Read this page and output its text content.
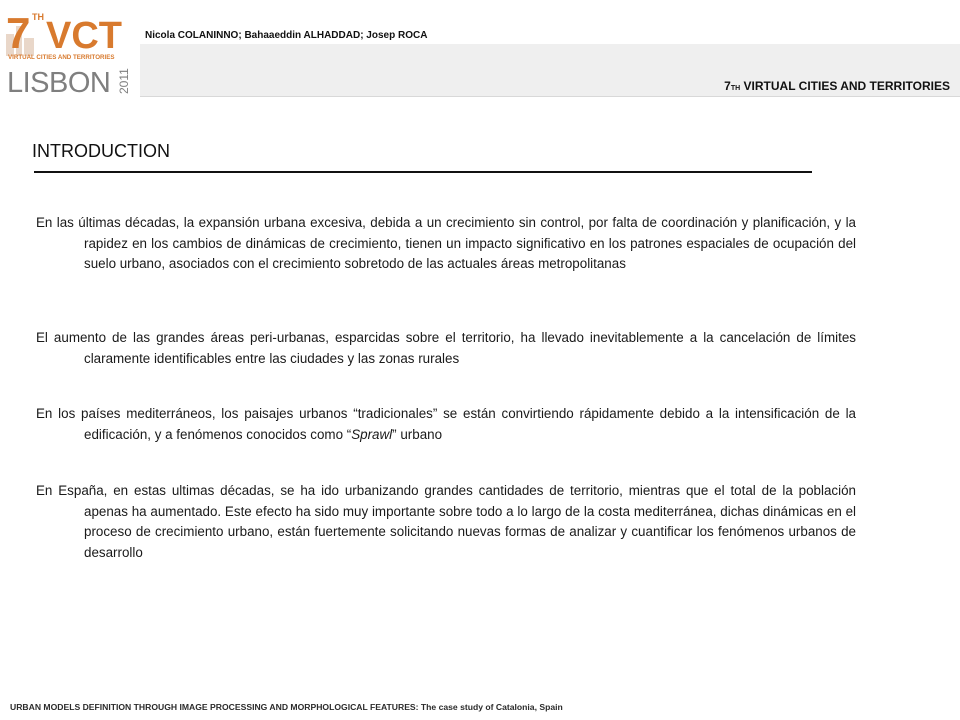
7 TH VCT
VIRTUAL CITIES AND TERRITORIES
LISBON 2011
Nicola COLANINNO; Bahaaeddin ALHADDAD; Josep ROCA
7TH VIRTUAL CITIES AND TERRITORIES
INTRODUCTION

En las últimas décadas, la expansión urbana excesiva, debida a un crecimiento sin control, por falta de coordinación y planificación, y la rapidez en los cambios de dinámicas de crecimiento, tienen un impacto significativo en los patrones espaciales de ocupación del suelo urbano, asociados con el crecimiento sobretodo de las actuales áreas metropolitanas

El aumento de las grandes áreas peri-urbanas, esparcidas sobre el territorio, ha llevado inevitablemente a la cancelación de límites claramente identificables entre las ciudades y las zonas rurales

En los países mediterráneos, los paisajes urbanos “tradicionales” se están convirtiendo rápidamente debido a la intensificación de la edificación, y a fenómenos conocidos como “Sprawl” urbano

En España, en estas ultimas décadas, se ha ido urbanizando grandes cantidades de territorio, mientras que el total de la población apenas ha aumentado. Este efecto ha sido muy importante sobre todo a lo largo de la costa mediterránea, dichas dinámicas en el proceso de crecimiento urbano, están fuertemente solicitando nuevas formas de analizar y cuantificar los fenómenos urbanos de desarrollo

URBAN MODELS DEFINITION THROUGH IMAGE PROCESSING AND MORPHOLOGICAL FEATURES: The case study of Catalonia, Spain
